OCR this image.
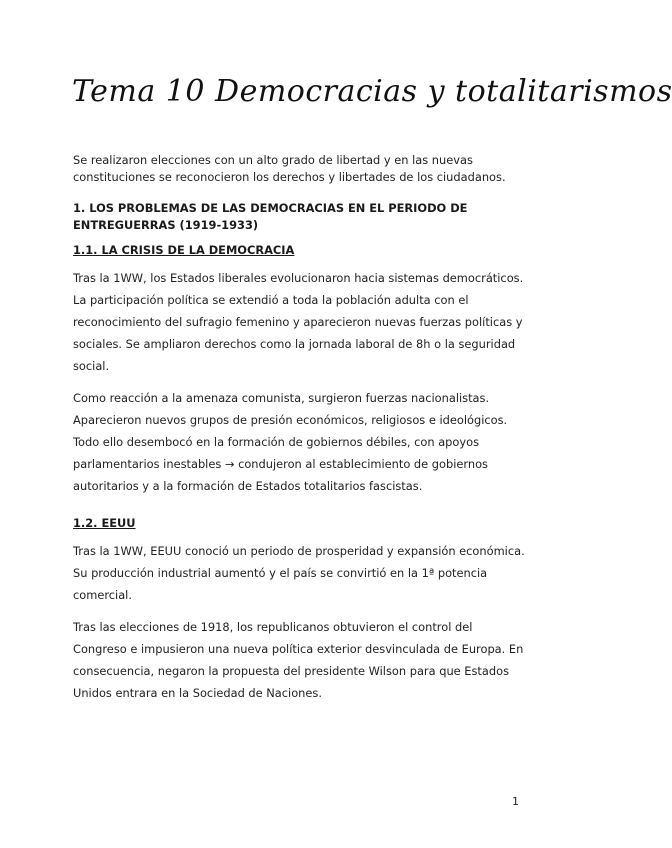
Tema 10 Democracias y totalitarismos

Se realizaron elecciones con un alto grado de libertad y en las nuevas constituciones se reconocieron los derechos y libertades de los ciudadanos.

1. LOS PROBLEMAS DE LAS DEMOCRACIAS EN EL PERIODO DE ENTREGUERRAS (1919-1933)

1.1. LA CRISIS DE LA DEMOCRACIA

Tras la 1WW, los Estados liberales evolucionaron hacia sistemas democráticos. La participación política se extendió a toda la población adulta con el reconocimiento del sufragio femenino y aparecieron nuevas fuerzas políticas y sociales. Se ampliaron derechos como la jornada laboral de 8h o la seguridad social.

Como reacción a la amenaza comunista, surgieron fuerzas nacionalistas. Aparecieron nuevos grupos de presión económicos, religiosos e ideológicos. Todo ello desembocó en la formación de gobiernos débiles, con apoyos parlamentarios inestables → condujeron al establecimiento de gobiernos autoritarios y a la formación de Estados totalitarios fascistas.

1.2. EEUU

Tras la 1WW, EEUU conoció un periodo de prosperidad y expansión económica. Su producción industrial aumentó y el país se convirtió en la 1ª potencia comercial.

Tras las elecciones de 1918, los republicanos obtuvieron el control del Congreso e impusieron una nueva política exterior desvinculada de Europa. En consecuencia, negaron la propuesta del presidente Wilson para que Estados Unidos entrara en la Sociedad de Naciones.

1
